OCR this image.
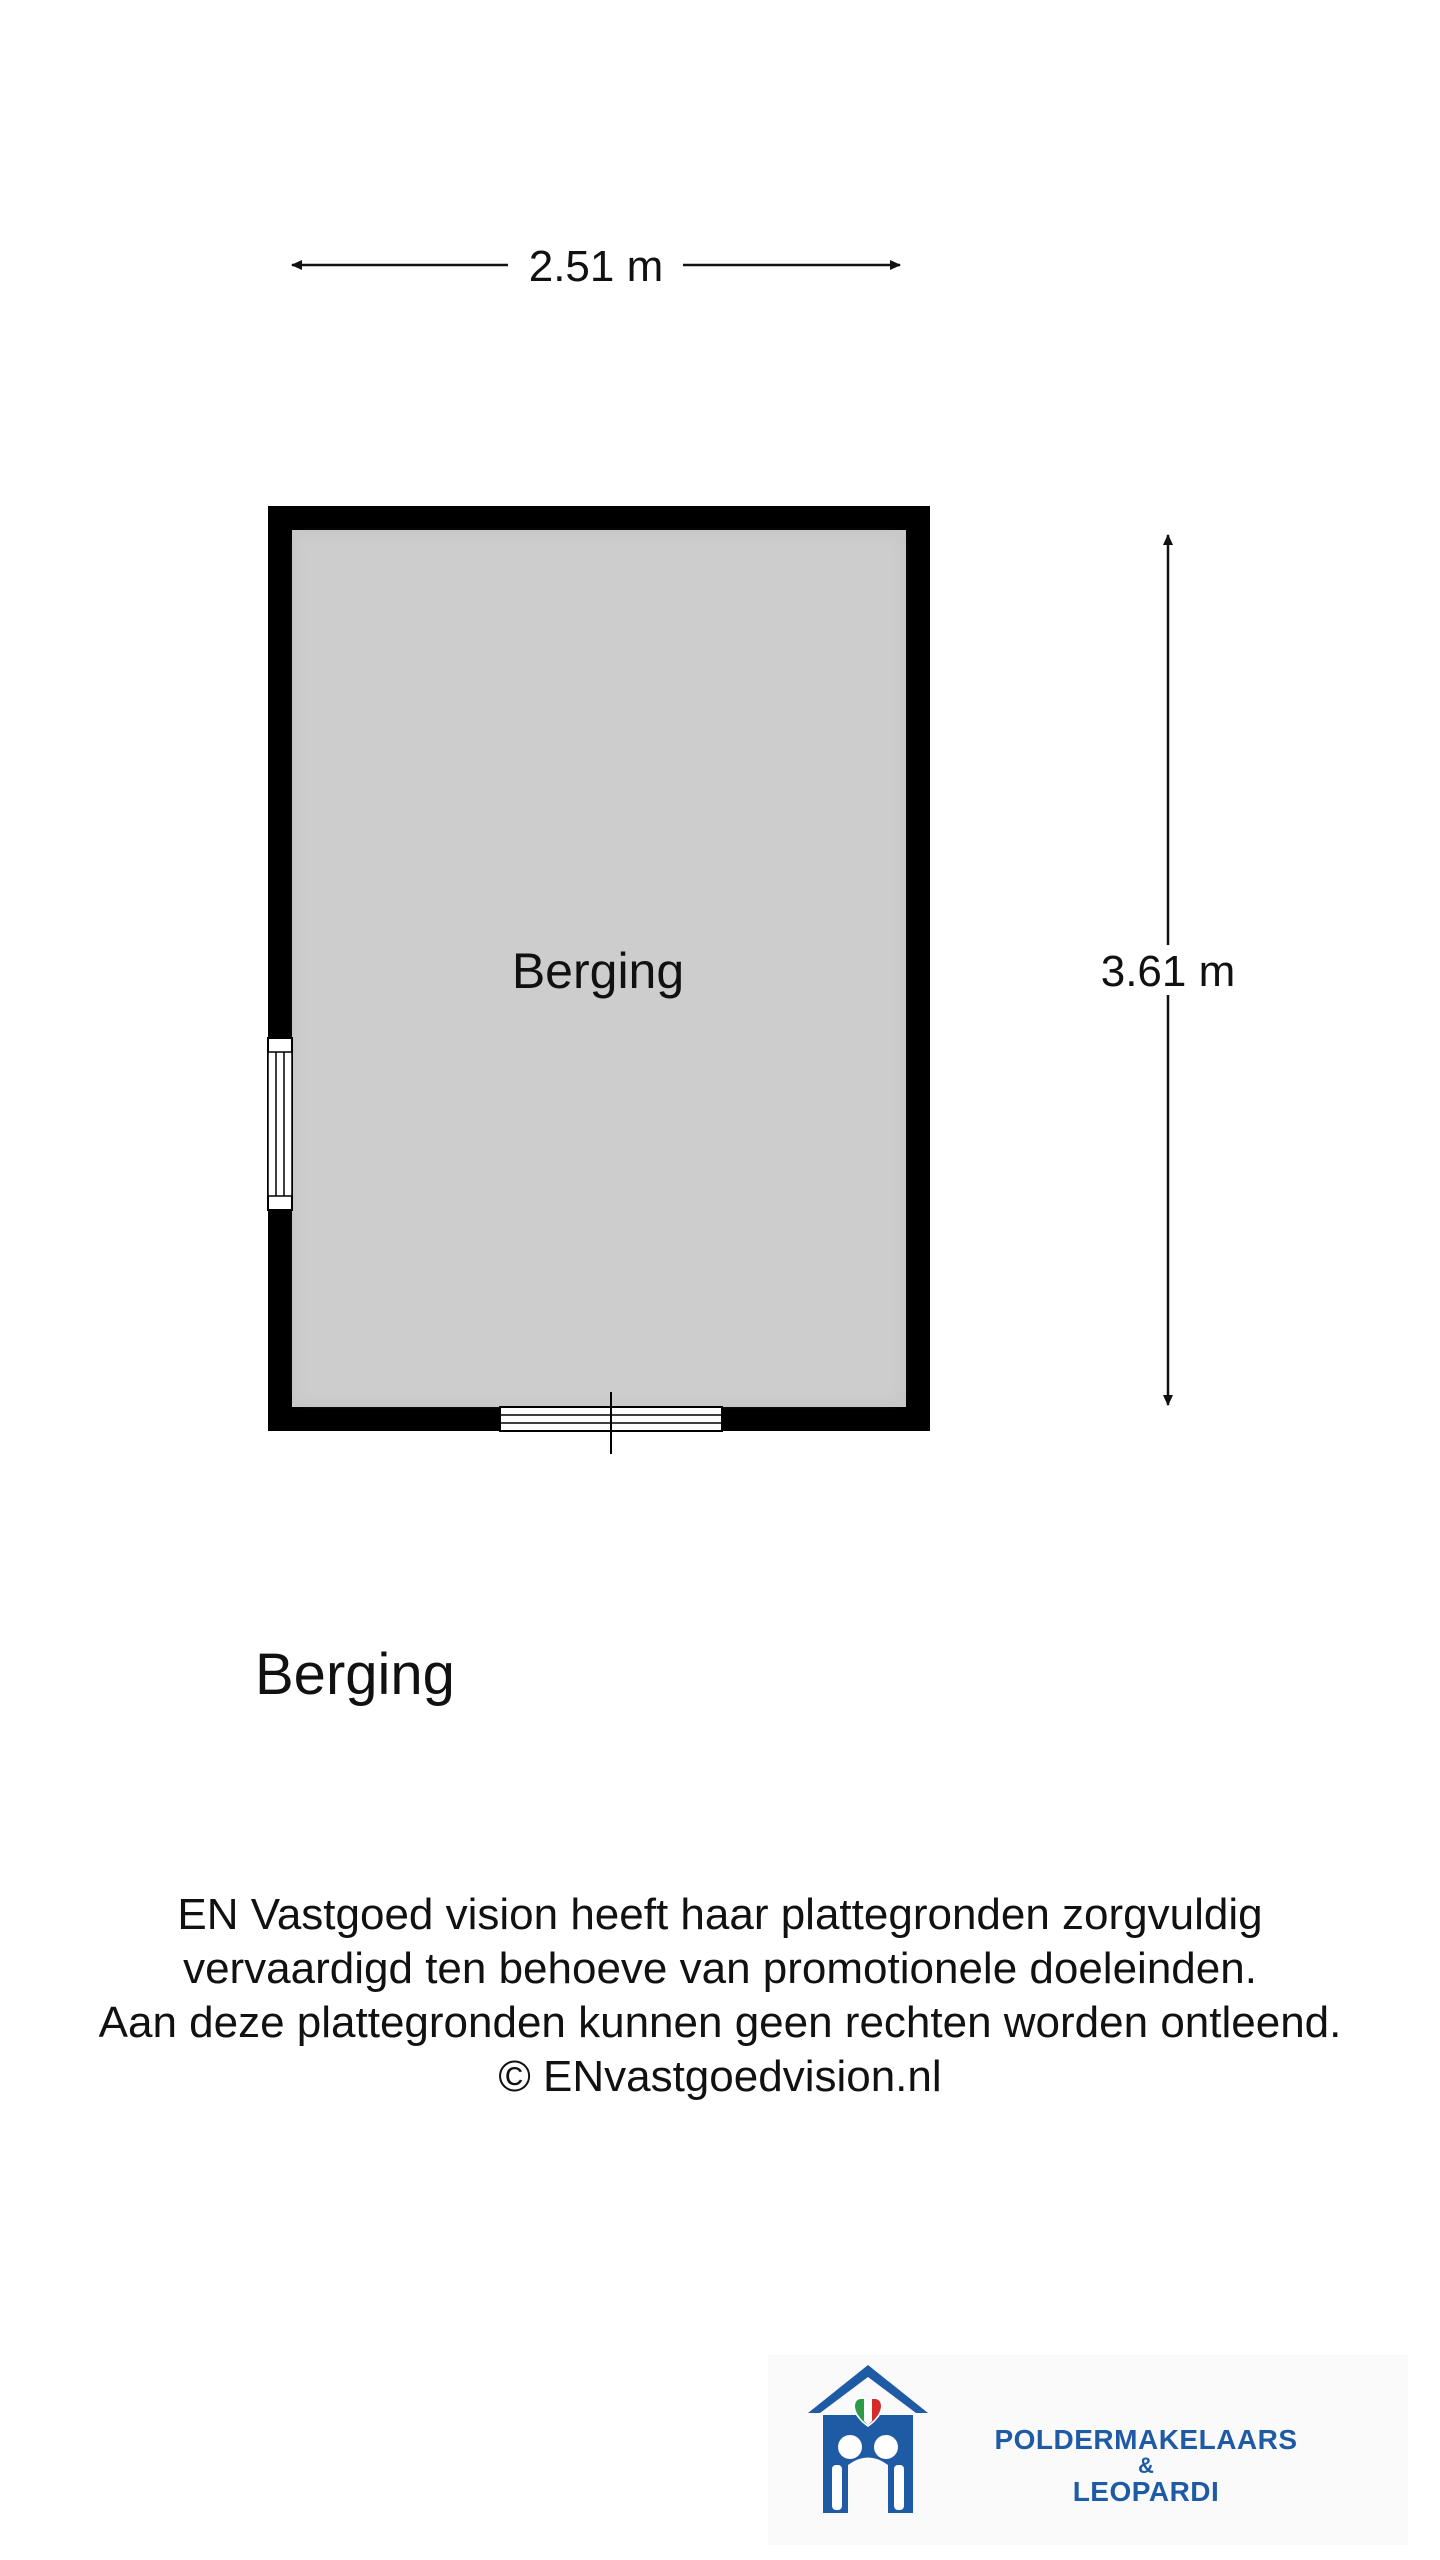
2.51 m
3.61 m
Berging
Berging
EN Vastgoed vision heeft haar plattegronden zorgvuldig
vervaardigd ten behoeve van promotionele doeleinden.
Aan deze plattegronden kunnen geen rechten worden ontleend.
© ENvastgoedvision.nl
POLDERMAKELAARS
&
LEOPARDI
